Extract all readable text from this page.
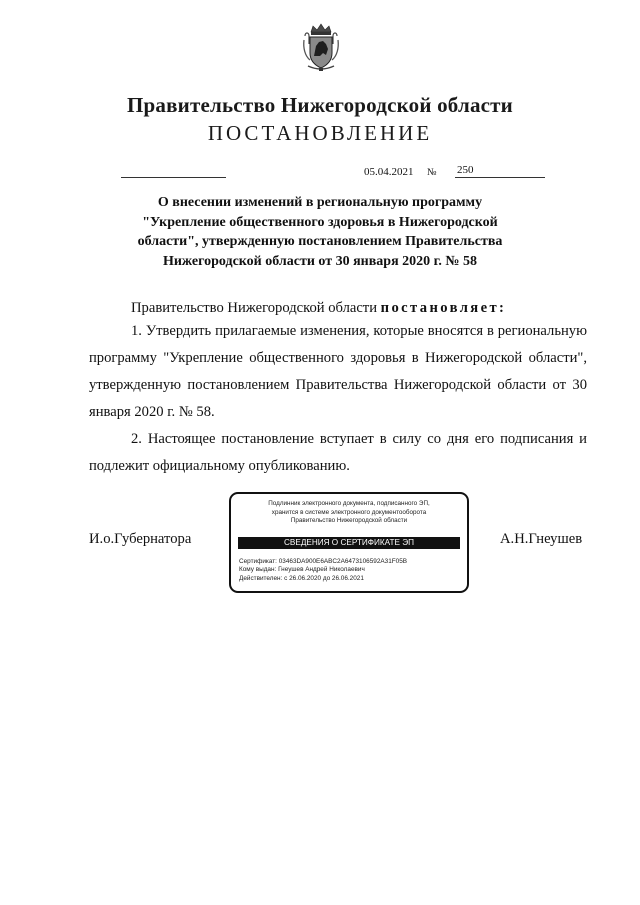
Правительство Нижегородской области
ПОСТАНОВЛЕНИЕ
05.04.2021 № 250
О внесении изменений в региональную программу
"Укрепление общественного здоровья в Нижегородской
области", утвержденную постановлением Правительства
Нижегородской области от 30 января 2020 г. № 58

Правительство Нижегородской области постановляет:

1. Утвердить прилагаемые изменения, которые вносятся в региональную программу "Укрепление общественного здоровья в Нижегородской области", утвержденную постановлением Правительства Нижегородской области от 30 января 2020 г. № 58.

2. Настоящее постановление вступает в силу со дня его подписания и подлежит официальному опубликованию.

И.о.Губернатора	А.Н.Гнеушев
Подлинник электронного документа, подписанного ЭП,
хранится в системе электронного документооборота
Правительство Нижегородской области
СВЕДЕНИЯ О СЕРТИФИКАТЕ ЭП
Сертификат: 03463DA900E6ABC2A6473106592A31F05B
Кому выдан: Гнеушев Андрей Николаевич
Действителен: с 26.06.2020 до 26.06.2021
